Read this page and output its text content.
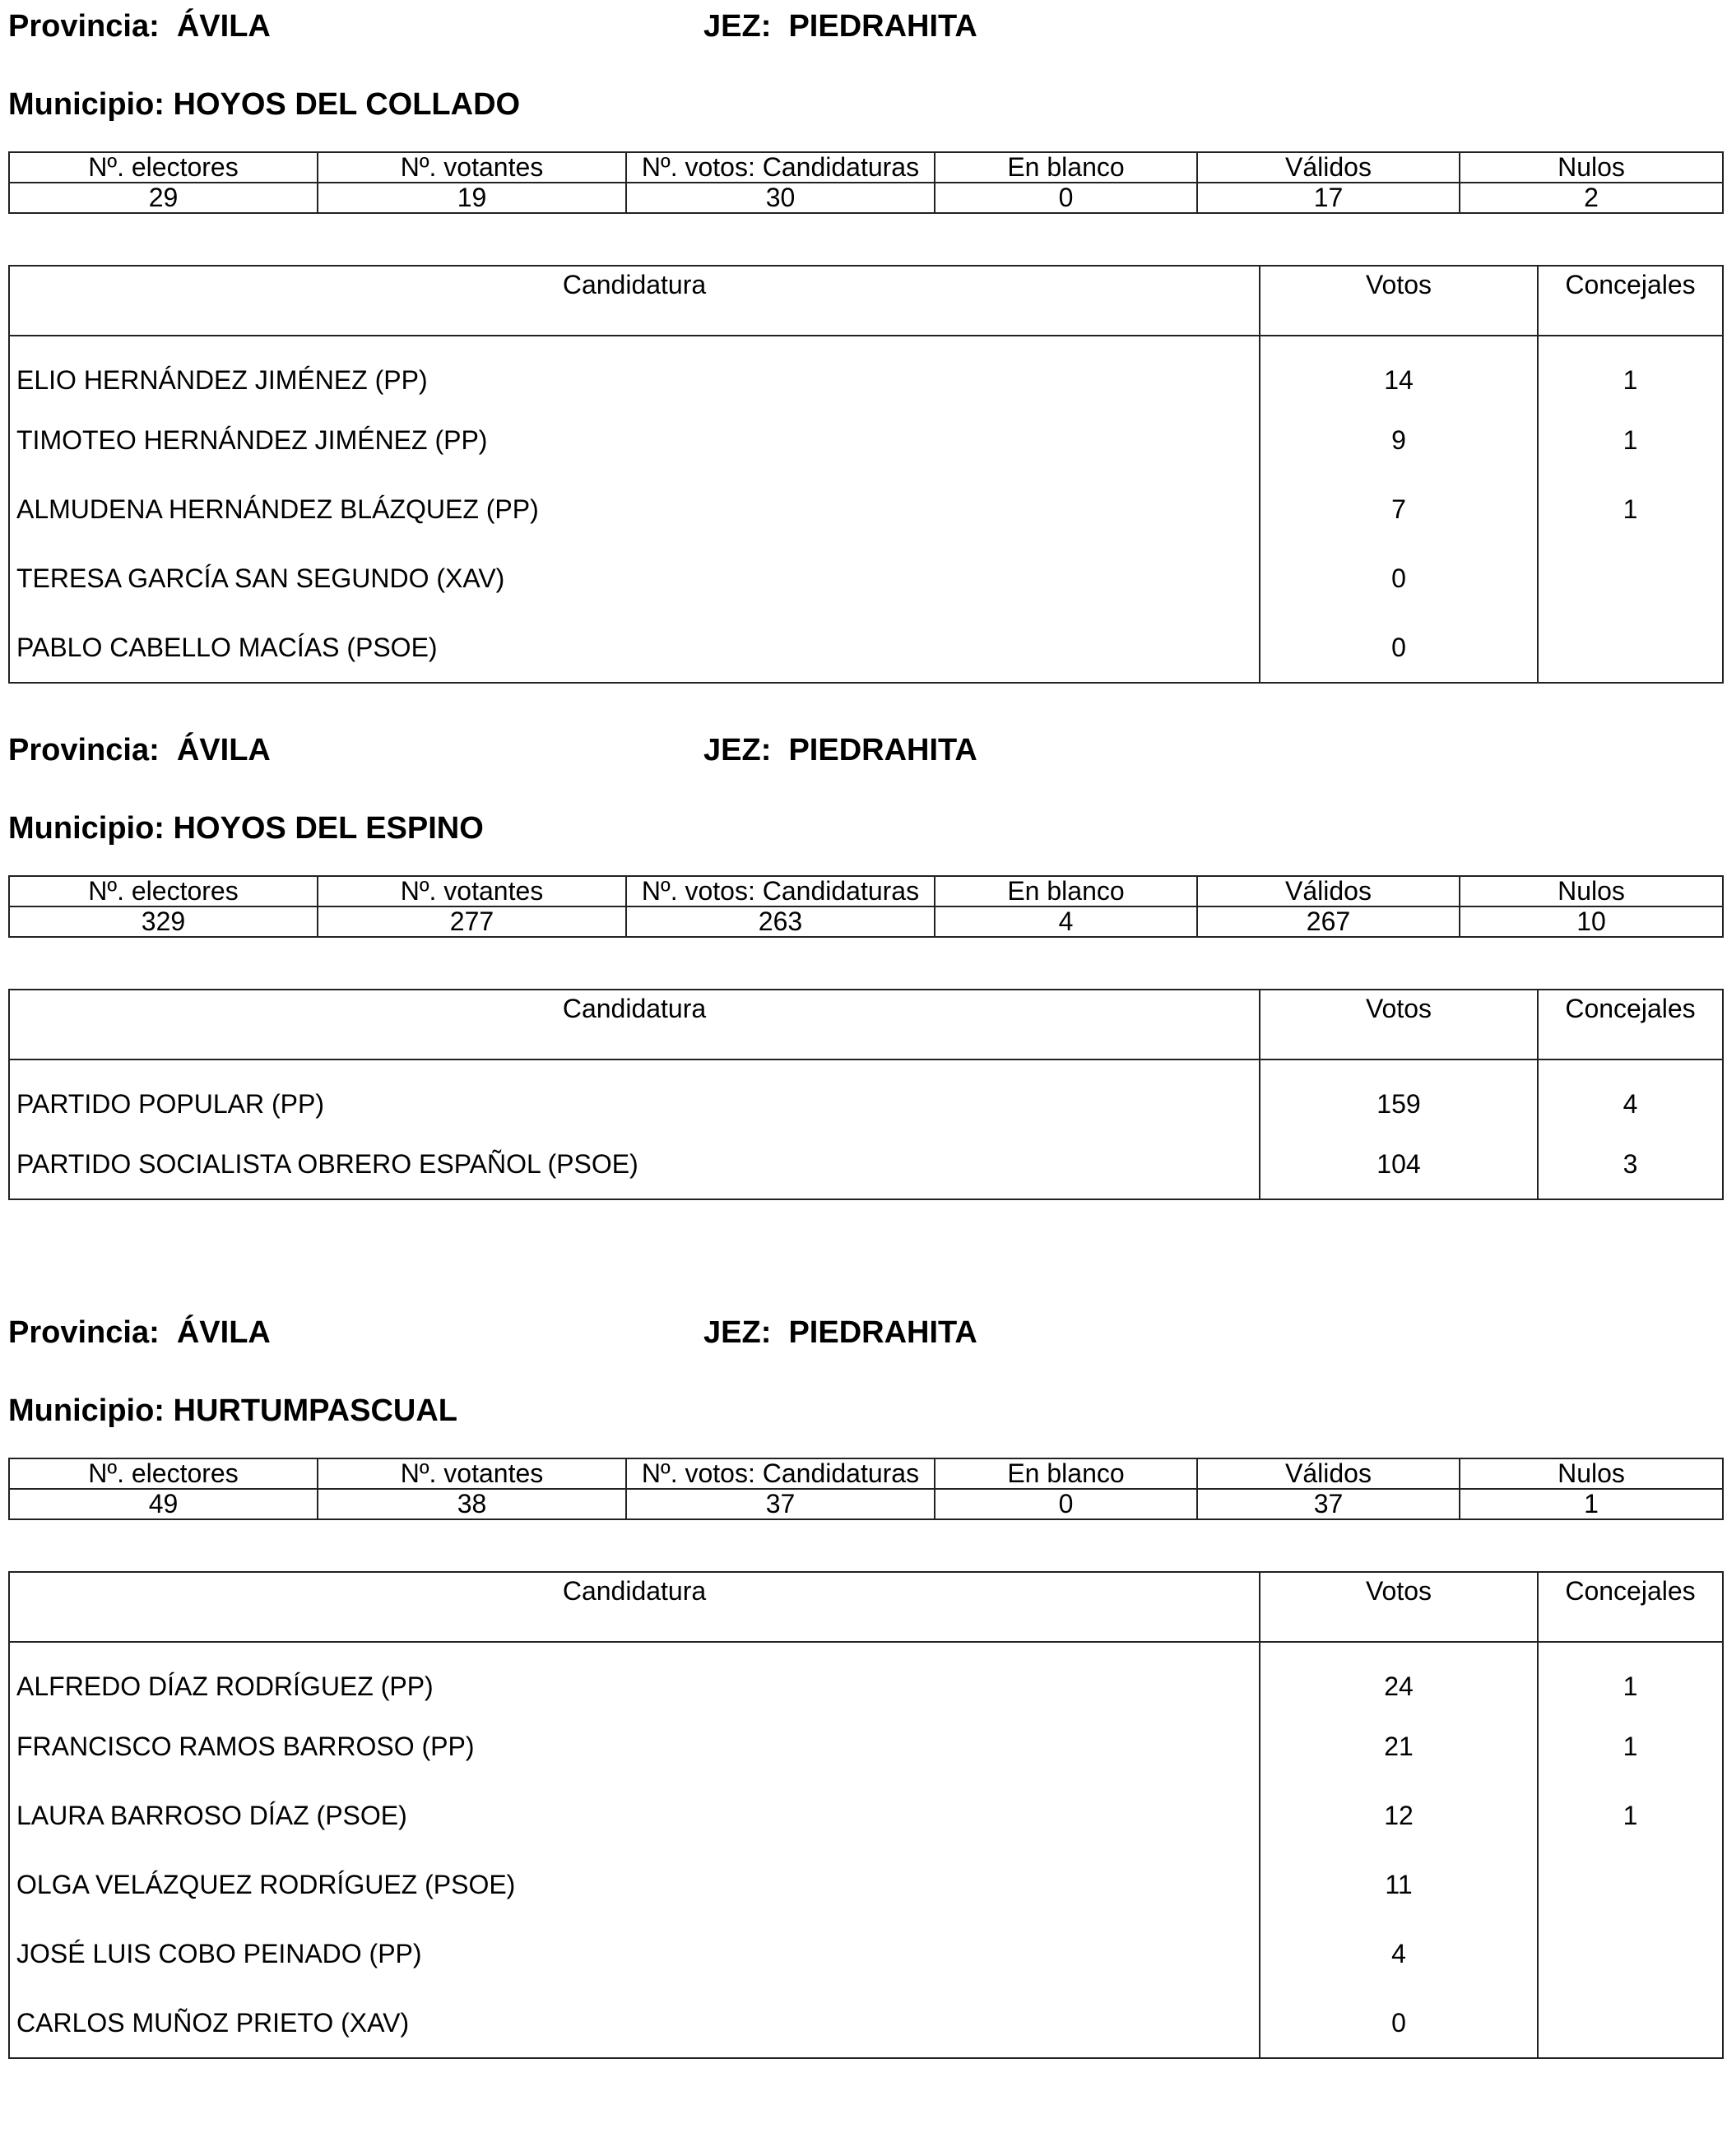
Provincia:  ÁVILA	JEZ:  PIEDRAHITA
Municipio: HOYOS DEL COLLADO
Nº. electores	Nº. votantes	Nº. votos: Candidaturas	En blanco	Válidos	Nulos
29	19	30	0	17	2
Candidatura	Votos	Concejales
ELIO HERNÁNDEZ JIMÉNEZ (PP)	14	1
TIMOTEO HERNÁNDEZ JIMÉNEZ (PP)	9	1
ALMUDENA HERNÁNDEZ BLÁZQUEZ (PP)	7	1
TERESA GARCÍA SAN SEGUNDO (XAV)	0	
PABLO CABELLO MACÍAS (PSOE)	0	
Provincia:  ÁVILA	JEZ:  PIEDRAHITA
Municipio: HOYOS DEL ESPINO
Nº. electores	Nº. votantes	Nº. votos: Candidaturas	En blanco	Válidos	Nulos
329	277	263	4	267	10
Candidatura	Votos	Concejales
PARTIDO POPULAR (PP)	159	4
PARTIDO SOCIALISTA OBRERO ESPAÑOL (PSOE)	104	3
Provincia:  ÁVILA	JEZ:  PIEDRAHITA
Municipio: HURTUMPASCUAL
Nº. electores	Nº. votantes	Nº. votos: Candidaturas	En blanco	Válidos	Nulos
49	38	37	0	37	1
Candidatura	Votos	Concejales
ALFREDO DÍAZ RODRÍGUEZ (PP)	24	1
FRANCISCO RAMOS BARROSO (PP)	21	1
LAURA BARROSO DÍAZ (PSOE)	12	1
OLGA VELÁZQUEZ RODRÍGUEZ (PSOE)	11	
JOSÉ LUIS COBO PEINADO (PP)	4	
CARLOS MUÑOZ PRIETO (XAV)	0	
